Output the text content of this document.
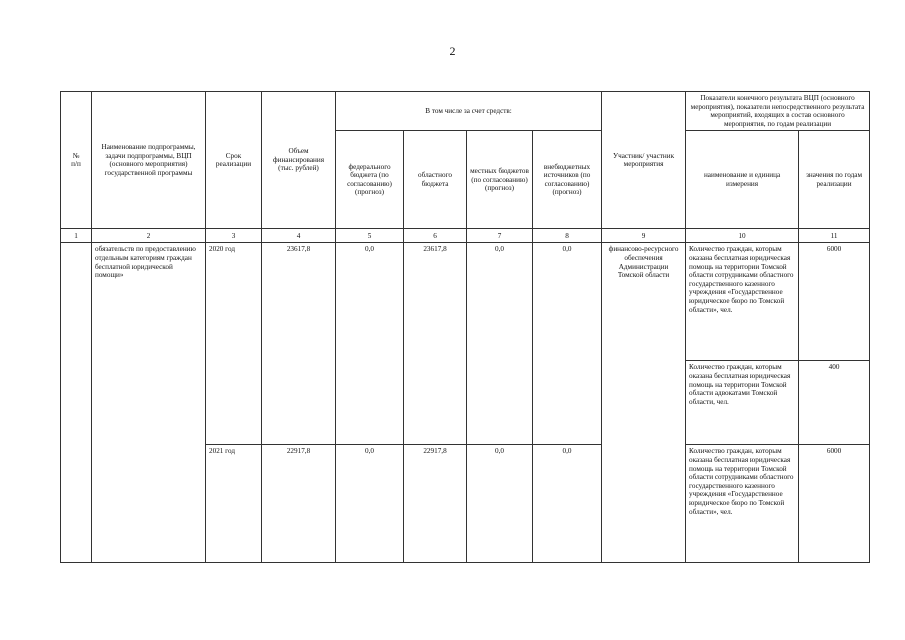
2
№
п/п	Наименование подпрограммы, задачи подпрограммы, ВЦП (основного мероприятия) государственной программы	Срок реализации	Объем финансирования (тыс. рублей)	В том числе за счет средств:				Участник/ участник мероприятия	Показатели конечного результата ВЦП (основного мероприятия), показатели непосредственного результата мероприятий, входящих в состав основного мероприятия, по годам реализации	
				федерального бюджета (по согласованию) (прогноз)	областного бюджета	местных бюджетов (по согласованию) (прогноз)	внебюджетных источников (по согласованию) (прогноз)		наименование и единица измерения	значения по годам реализации
1	2	3	4	5	6	7	8	9	10	11
	обязательств по предоставлению отдельным категориям граждан бесплатной юридической помощи»	2020 год	23617,8	0,0	23617,8	0,0	0,0	финансово-ресурсного обеспечения Администрации Томской области	Количество граждан, которым оказана бесплатная юридическая помощь на территории Томской области сотрудниками областного государственного казенного учреждения «Государственное юридическое бюро по Томской области», чел.	6000
									Количество граждан, которым оказана бесплатная юридическая помощь на территории Томской области адвокатами Томской области, чел.	400
		2021 год	22917,8	0,0	22917,8	0,0	0,0		Количество граждан, которым оказана бесплатная юридическая помощь на территории Томской области сотрудниками областного государственного казенного учреждения «Государственное юридическое бюро по Томской области», чел.	6000
